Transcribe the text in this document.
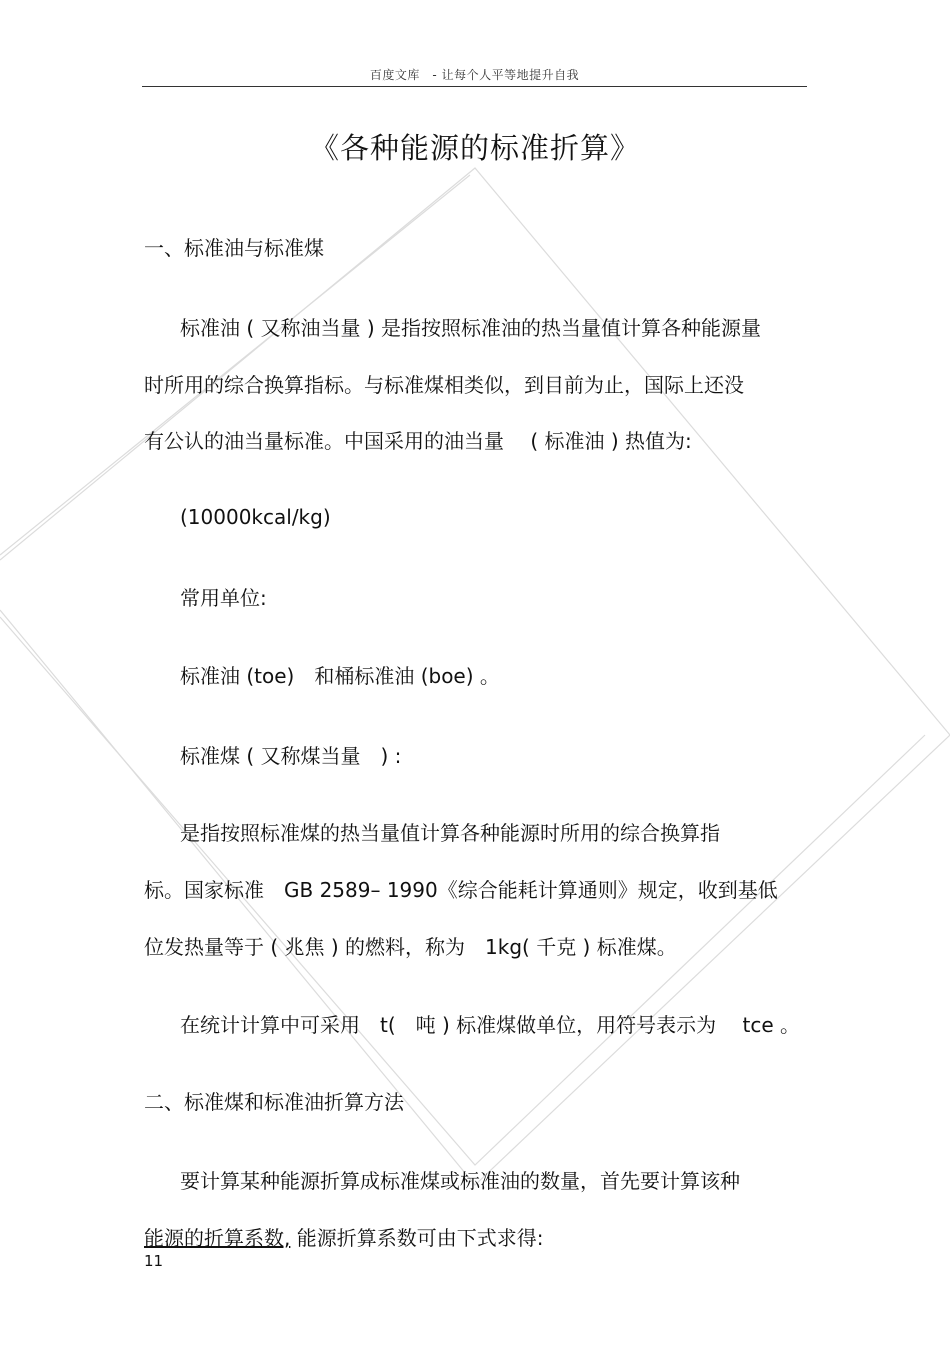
百度文库　- 让每个人平等地提升自我
《各种能源的标准折算》
一、标准油与标准煤
标准油 ( 又称油当量 ) 是指按照标准油的热当量值计算各种能源量
时所用的综合换算指标。与标准煤相类似，到目前为止，国际上还没
有公认的油当量标准。中国采用的油当量　 ( 标准油 ) 热值为:
(10000kcal/kg)
常用单位:
标准油 (toe)　和桶标准油 (boe) 。
标准煤 ( 又称煤当量　) :
是指按照标准煤的热当量值计算各种能源时所用的综合换算指
标。国家标准　GB 2589– 1990《综合能耗计算通则》规定，收到基低
位发热量等于 ( 兆焦 ) 的燃料，称为　1kg( 千克 ) 标准煤。
在统计计算中可采用　t(　吨 ) 标准煤做单位，用符号表示为　 tce 。
二、标准煤和标准油折算方法
要计算某种能源折算成标准煤或标准油的数量，首先要计算该种
能源的折算系数, 能源折算系数可由下式求得:
11
